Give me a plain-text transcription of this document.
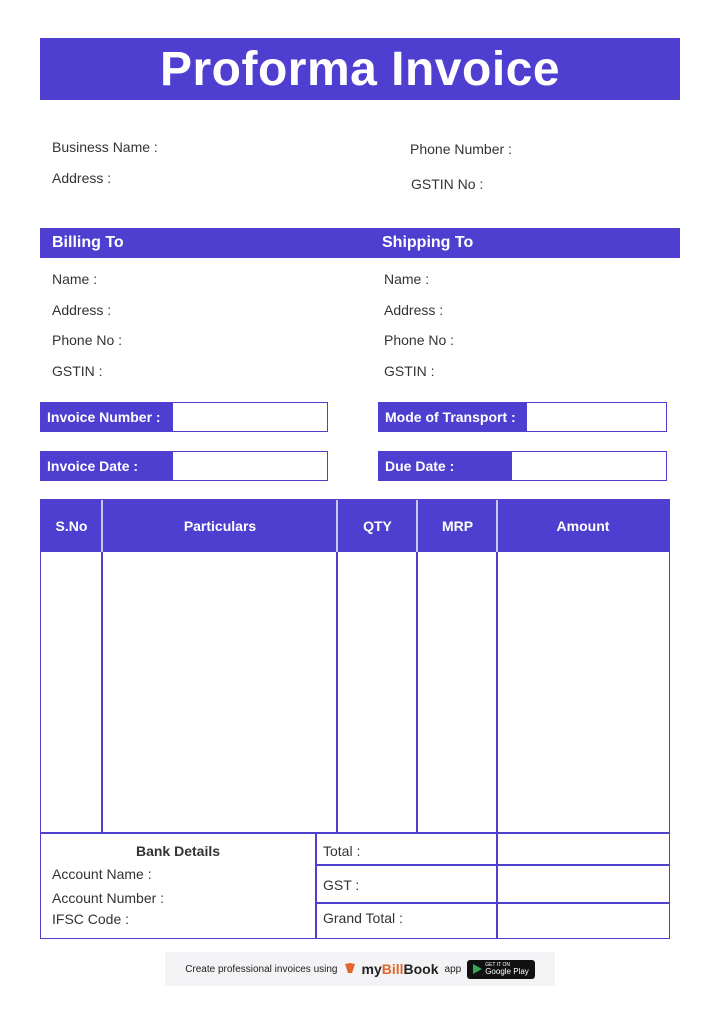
Proforma Invoice
Business Name :
Address :
Phone Number :
GSTIN No :
Billing To	Shipping To
Name :
Address :
Phone No :
GSTIN :
Name :
Address :
Phone No :
GSTIN :
Invoice Number :	Mode of Transport :
Invoice Date :	Due Date :
S.No	Particulars	QTY	MRP	Amount
Bank Details
Account Name :
Account Number :
IFSC Code :
Total :
GST :
Grand Total :
Create professional invoices using myBillBook app	GET IT ON
Google Play
